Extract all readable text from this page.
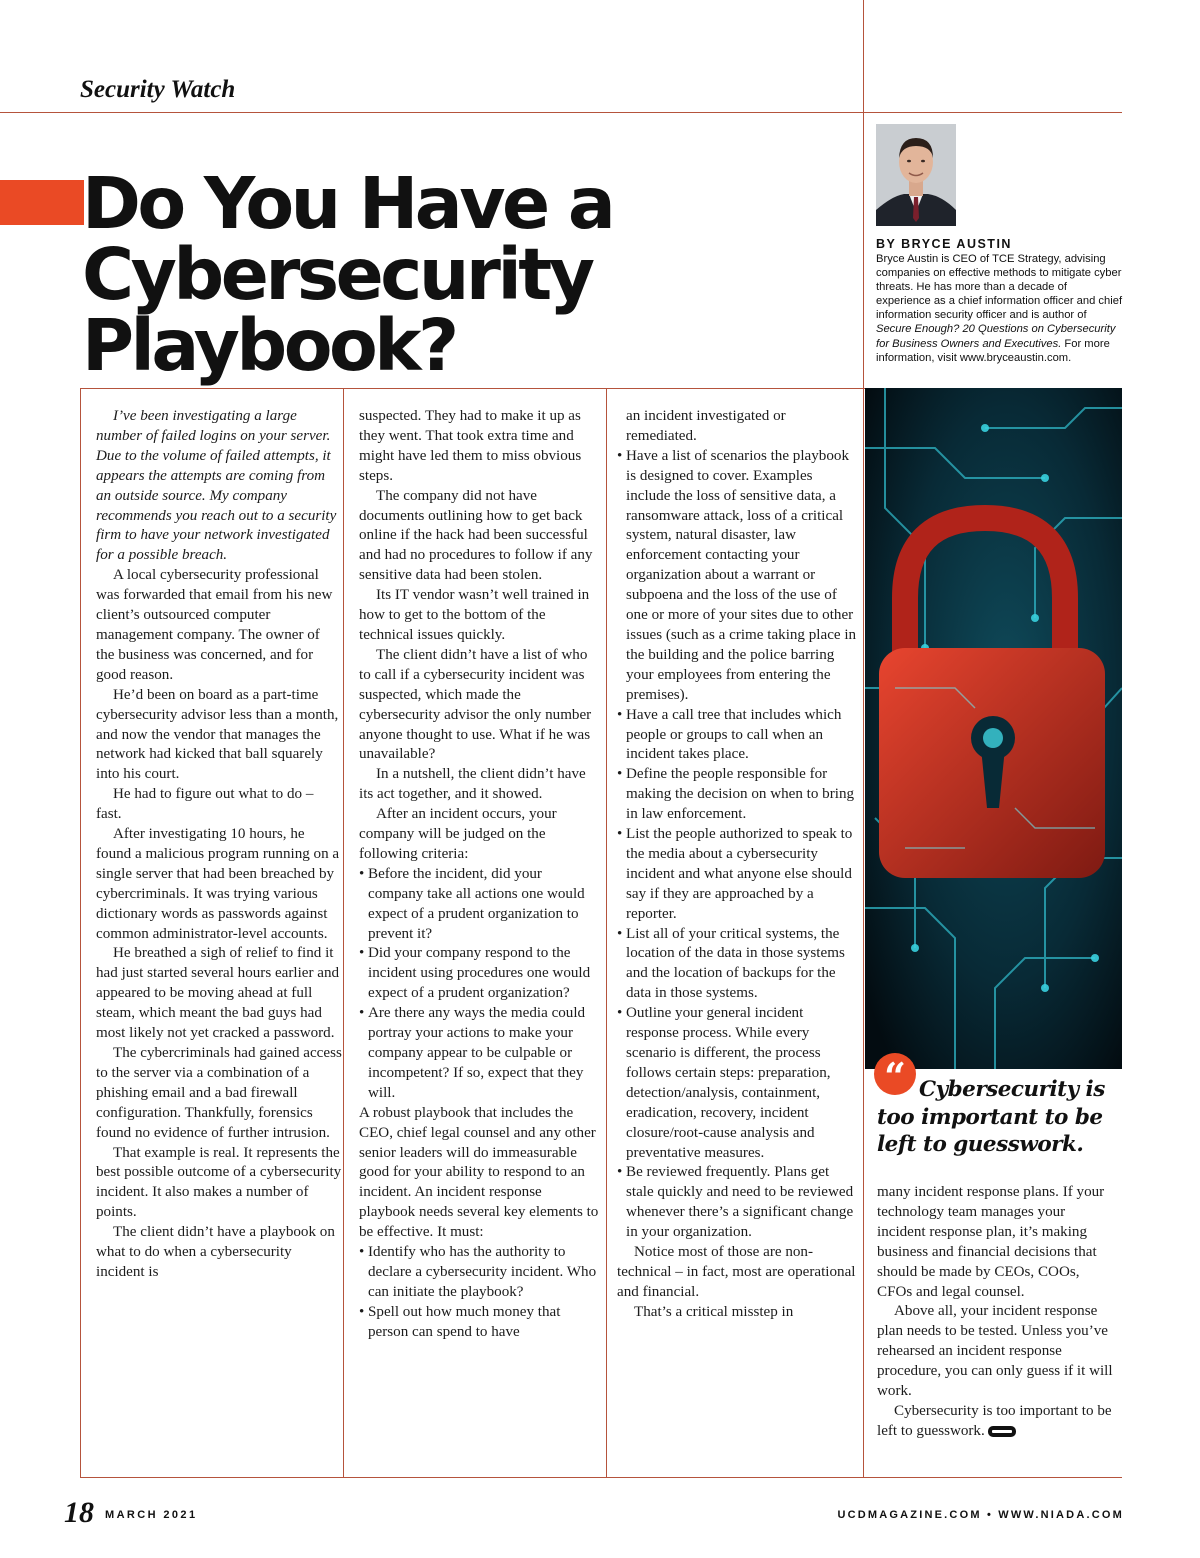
Security Watch
Do You Have a
Cybersecurity
Playbook?
BY BRYCE AUSTIN
Bryce Austin is CEO of TCE Strategy, advising companies on effective methods to mitigate cyber threats. He has more than a decade of experience as a chief information officer and chief information security officer and is author of Secure Enough? 20 Questions on Cybersecurity for Business Owners and Executives. For more information, visit www.bryceaustin.com.

I’ve been investigating a large number of failed logins on your server. Due to the volume of failed attempts, it appears the attempts are coming from an outside source. My company recommends you reach out to a security firm to have your network investigated for a possible breach.

A local cybersecurity professional was forwarded that email from his new client’s outsourced computer management company. The owner of the business was concerned, and for good reason.

He’d been on board as a part-time cybersecurity advisor less than a month, and now the vendor that manages the network had kicked that ball squarely into his court.

He had to figure out what to do – fast.

After investigating 10 hours, he found a malicious program running on a single server that had been breached by cybercriminals. It was trying various dictionary words as passwords against common administrator-level accounts.

He breathed a sigh of relief to find it had just started several hours earlier and appeared to be moving ahead at full steam, which meant the bad guys had most likely not yet cracked a password.

The cybercriminals had gained access to the server via a combination of a phishing email and a bad firewall configuration. Thankfully, forensics found no evidence of further intrusion.

That example is real. It represents the best possible outcome of a cybersecurity incident. It also makes a number of points.

The client didn’t have a playbook on what to do when a cybersecurity incident is

suspected. They had to make it up as they went. That took extra time and might have led them to miss obvious steps.

The company did not have documents outlining how to get back online if the hack had been successful and had no procedures to follow if any sensitive data had been stolen.

Its IT vendor wasn’t well trained in how to get to the bottom of the technical issues quickly.

The client didn’t have a list of who to call if a cybersecurity incident was suspected, which made the cybersecurity advisor the only number anyone thought to use. What if he was unavailable?

In a nutshell, the client didn’t have its act together, and it showed.

After an incident occurs, your company will be judged on the following criteria:

• Before the incident, did your company take all actions one would expect of a prudent organization to prevent it?

• Did your company respond to the incident using procedures one would expect of a prudent organization?

• Are there any ways the media could portray your actions to make your company appear to be culpable or incompetent? If so, expect that they will.

A robust playbook that includes the CEO, chief legal counsel and any other senior leaders will do immeasurable good for your ability to respond to an incident. An incident response playbook needs several key elements to be effective. It must:

• Identify who has the authority to declare a cybersecurity incident. Who can initiate the playbook?

• Spell out how much money that person can spend to have

an incident investigated or remediated.

• Have a list of scenarios the playbook is designed to cover. Examples include the loss of sensitive data, a ransomware attack, loss of a critical system, natural disaster, law enforcement contacting your organization about a warrant or subpoena and the loss of the use of one or more of your sites due to other issues (such as a crime taking place in the building and the police barring your employees from entering the premises).

• Have a call tree that includes which people or groups to call when an incident takes place.

• Define the people responsible for making the decision on when to bring in law enforcement.

• List the people authorized to speak to the media about a cybersecurity incident and what anyone else should say if they are approached by a reporter.

• List all of your critical systems, the location of the data in those systems and the location of backups for the data in those systems.

• Outline your general incident response process. While every scenario is different, the process follows certain steps: preparation, detection/analysis, containment, eradication, recovery, incident closure/root-cause analysis and preventative measures.

• Be reviewed frequently. Plans get stale quickly and need to be reviewed whenever there’s a significant change in your organization.

Notice most of those are non-technical – in fact, most are operational and financial.

That’s a critical misstep in

“ Cybersecurity is too important to be left to guesswork.

many incident response plans. If your technology team manages your incident response plan, it’s making business and financial decisions that should be made by CEOs, COOs, CFOs and legal counsel.

Above all, your incident response plan needs to be tested. Unless you’ve rehearsed an incident response procedure, you can only guess if it will work.

Cybersecurity is too important to be left to guesswork.

18 MARCH 2021	UCDMAGAZINE.COM • WWW.NIADA.COM
